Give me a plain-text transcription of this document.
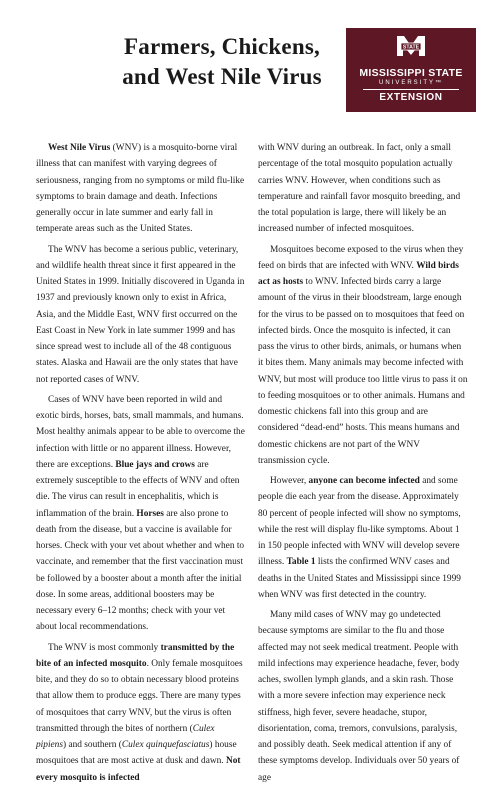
Farmers, Chickens,
and West Nile Virus
STATE
MISSISSIPPI STATE
UNIVERSITY™
EXTENSION

West Nile Virus (WNV) is a mosquito-borne viral illness that can manifest with varying degrees of seriousness, ranging from no symptoms or mild flu-like symptoms to brain damage and death. Infections generally occur in late summer and early fall in temperate areas such as the United States.

The WNV has become a serious public, veterinary, and wildlife health threat since it first appeared in the United States in 1999. Initially discovered in Uganda in 1937 and previously known only to exist in Africa, Asia, and the Middle East, WNV first occurred on the East Coast in New York in late summer 1999 and has since spread west to include all of the 48 contiguous states. Alaska and Hawaii are the only states that have not reported cases of WNV.

Cases of WNV have been reported in wild and exotic birds, horses, bats, small mammals, and humans. Most healthy animals appear to be able to overcome the infection with little or no apparent illness. However, there are exceptions. Blue jays and crows are extremely susceptible to the effects of WNV and often die. The virus can result in encephalitis, which is inflammation of the brain. Horses are also prone to death from the disease, but a vaccine is available for horses. Check with your vet about whether and when to vaccinate, and remember that the first vaccination must be followed by a booster about a month after the initial dose. In some areas, additional boosters may be necessary every 6–12 months; check with your vet about local recommendations.

The WNV is most commonly transmitted by the bite of an infected mosquito. Only female mosquitoes bite, and they do so to obtain necessary blood proteins that allow them to produce eggs. There are many types of mosquitoes that carry WNV, but the virus is often transmitted through the bites of northern (Culex pipiens) and southern (Culex quinquefasciatus) house mosquitoes that are most active at dusk and dawn. Not every mosquito is infected

with WNV during an outbreak. In fact, only a small percentage of the total mosquito population actually carries WNV. However, when conditions such as temperature and rainfall favor mosquito breeding, and the total population is large, there will likely be an increased number of infected mosquitoes.

Mosquitoes become exposed to the virus when they feed on birds that are infected with WNV. Wild birds act as hosts to WNV. Infected birds carry a large amount of the virus in their bloodstream, large enough for the virus to be passed on to mosquitoes that feed on infected birds. Once the mosquito is infected, it can pass the virus to other birds, animals, or humans when it bites them. Many animals may become infected with WNV, but most will produce too little virus to pass it on to feeding mosquitoes or to other animals. Humans and domestic chickens fall into this group and are considered “dead-end” hosts. This means humans and domestic chickens are not part of the WNV transmission cycle.

However, anyone can become infected and some people die each year from the disease. Approximately 80 percent of people infected will show no symptoms, while the rest will display flu-like symptoms. About 1 in 150 people infected with WNV will develop severe illness. Table 1 lists the confirmed WNV cases and deaths in the United States and Mississippi since 1999 when WNV was first detected in the country.

Many mild cases of WNV may go undetected because symptoms are similar to the flu and those affected may not seek medical treatment. People with mild infections may experience headache, fever, body aches, swollen lymph glands, and a skin rash. Those with a more severe infection may experience neck stiffness, high fever, severe headache, stupor, disorientation, coma, tremors, convulsions, paralysis, and possibly death. Seek medical attention if any of these symptoms develop. Individuals over 50 years of age
